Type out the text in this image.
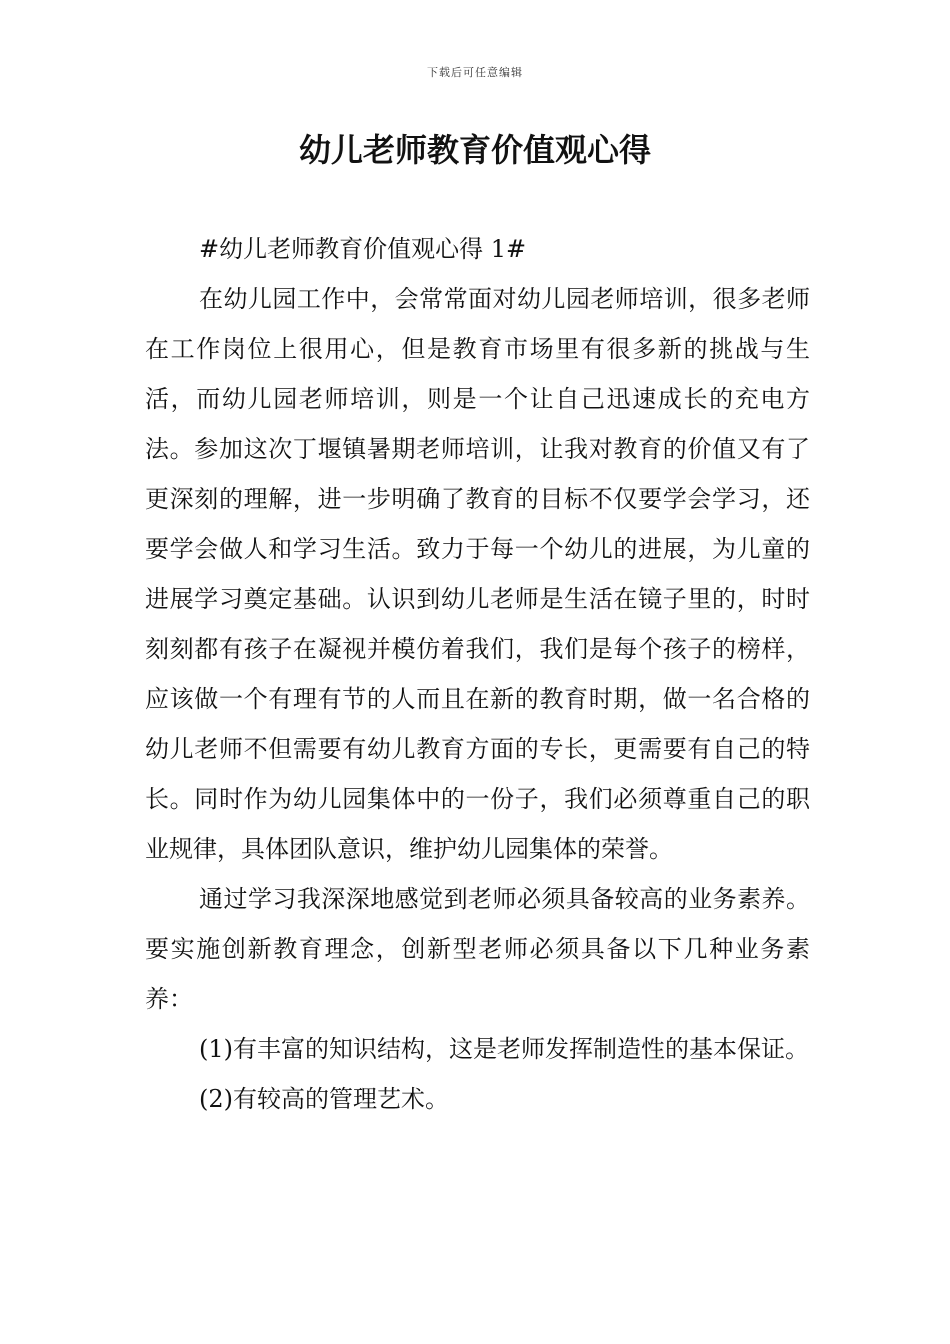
下载后可任意编辑
幼儿老师教育价值观心得

#幼儿老师教育价值观心得 1#

在幼儿园工作中，会常常面对幼儿园老师培训，很多老师在工作岗位上很用心，但是教育市场里有很多新的挑战与生活，而幼儿园老师培训，则是一个让自己迅速成长的充电方法。参加这次丁堰镇暑期老师培训，让我对教育的价值又有了更深刻的理解，进一步明确了教育的目标不仅要学会学习，还要学会做人和学习生活。致力于每一个幼儿的进展，为儿童的进展学习奠定基础。认识到幼儿老师是生活在镜子里的，时时刻刻都有孩子在凝视并模仿着我们，我们是每个孩子的榜样，应该做一个有理有节的人而且在新的教育时期，做一名合格的幼儿老师不但需要有幼儿教育方面的专长，更需要有自己的特长。同时作为幼儿园集体中的一份子，我们必须尊重自己的职业规律，具体团队意识，维护幼儿园集体的荣誉。

通过学习我深深地感觉到老师必须具备较高的业务素养。要实施创新教育理念，创新型老师必须具备以下几种业务素养：

(1)有丰富的知识结构，这是老师发挥制造性的基本保证。

(2)有较高的管理艺术。
